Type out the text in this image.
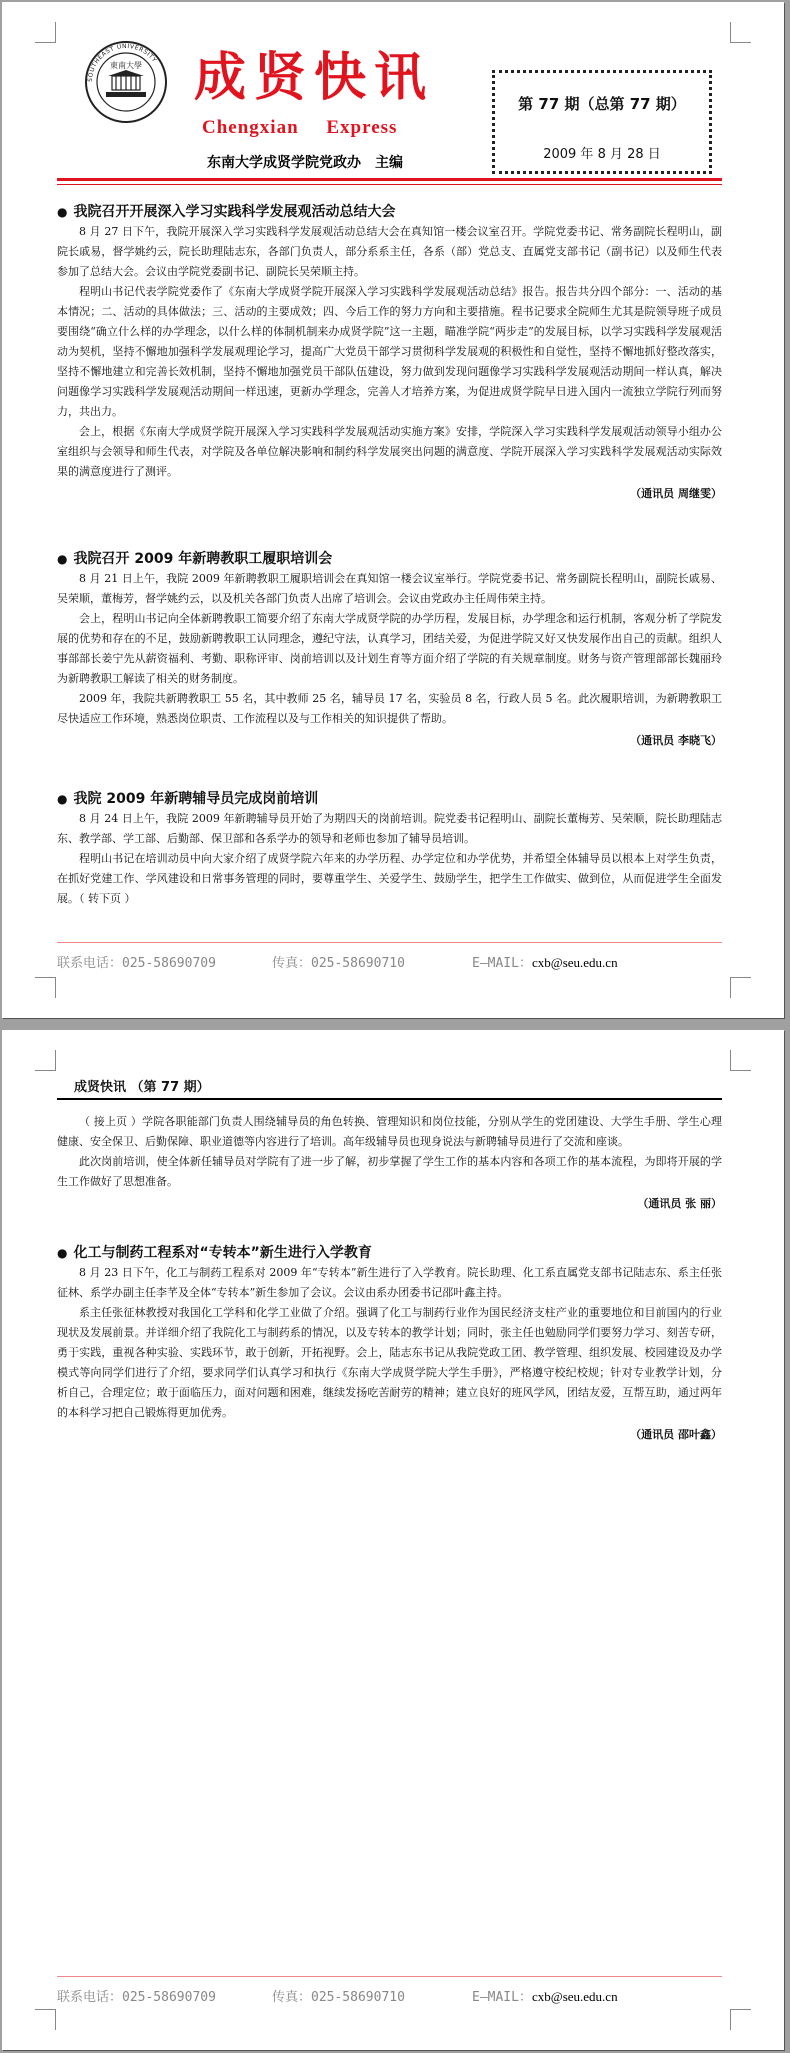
SOUTHEAST UNIVERSITY
東南大學 成贤快讯
Chengxian Express
东南大学成贤学院党政办　主编
第 77 期（总第 77 期）
2009 年 8 月 28 日
● 我院召开开展深入学习实践科学发展观活动总结大会

8 月 27 日下午，我院开展深入学习实践科学发展观活动总结大会在真知馆一楼会议室召开。学院党委书记、常务副院长程明山，副院长戚易，督学姚约云，院长助理陆志东，各部门负责人，部分系系主任，各系（部）党总支、直属党支部书记（副书记）以及师生代表参加了总结大会。会议由学院党委副书记、副院长吴荣顺主持。

程明山书记代表学院党委作了《东南大学成贤学院开展深入学习实践科学发展观活动总结》报告。报告共分四个部分：一、活动的基本情况；二、活动的具体做法；三、活动的主要成效；四、今后工作的努力方向和主要措施。程书记要求全院师生尤其是院领导班子成员要围绕“确立什么样的办学理念，以什么样的体制机制来办成贤学院”这一主题，瞄准学院“两步走”的发展目标，以学习实践科学发展观活动为契机，坚持不懈地加强科学发展观理论学习，提高广大党员干部学习贯彻科学发展观的积极性和自觉性，坚持不懈地抓好整改落实，坚持不懈地建立和完善长效机制，坚持不懈地加强党员干部队伍建设，努力做到发现问题像学习实践科学发展观活动期间一样认真，解决问题像学习实践科学发展观活动期间一样迅速，更新办学理念，完善人才培养方案，为促进成贤学院早日进入国内一流独立学院行列而努力，共出力。

会上，根据《东南大学成贤学院开展深入学习实践科学发展观活动实施方案》安排，学院深入学习实践科学发展观活动领导小组办公室组织与会领导和师生代表，对学院及各单位解决影响和制约科学发展突出问题的满意度、学院开展深入学习实践科学发展观活动实际效果的满意度进行了测评。

（通讯员 周继雯）

● 我院召开 2009 年新聘教职工履职培训会

8 月 21 日上午，我院 2009 年新聘教职工履职培训会在真知馆一楼会议室举行。学院党委书记、常务副院长程明山，副院长戚易、吴荣顺，董梅芳，督学姚约云，以及机关各部门负责人出席了培训会。会议由党政办主任周伟荣主持。

会上，程明山书记向全体新聘教职工简要介绍了东南大学成贤学院的办学历程，发展目标，办学理念和运行机制，客观分析了学院发展的优势和存在的不足，鼓励新聘教职工认同理念，遵纪守法，认真学习，团结关爱，为促进学院又好又快发展作出自己的贡献。组织人事部部长姜宁先从薪资福利、考勤、职称评审、岗前培训以及计划生育等方面介绍了学院的有关规章制度。财务与资产管理部部长魏丽玲为新聘教职工解读了相关的财务制度。

2009 年，我院共新聘教职工 55 名，其中教师 25 名，辅导员 17 名，实验员 8 名，行政人员 5 名。此次履职培训，为新聘教职工尽快适应工作环境，熟悉岗位职责、工作流程以及与工作相关的知识提供了帮助。

（通讯员 李晓飞）

● 我院 2009 年新聘辅导员完成岗前培训

8 月 24 日上午，我院 2009 年新聘辅导员开始了为期四天的岗前培训。院党委书记程明山、副院长董梅芳、吴荣顺，院长助理陆志东、教学部、学工部、后勤部、保卫部和各系学办的领导和老师也参加了辅导员培训。

程明山书记在培训动员中向大家介绍了成贤学院六年来的办学历程、办学定位和办学优势，并希望全体辅导员以根本上对学生负责，在抓好党建工作、学风建设和日常事务管理的同时，要尊重学生、关爱学生、鼓励学生，把学生工作做实、做到位，从而促进学生全面发展。（ 转下页 ）

联系电话：025-58690709	传真：025-58690710	E—MAIL：cxb@seu.edu.cn
成贤快讯 （第 77 期）

（ 接上页 ）学院各职能部门负责人围绕辅导员的角色转换、管理知识和岗位技能，分别从学生的党团建设、大学生手册、学生心理健康、安全保卫、后勤保障、职业道德等内容进行了培训。高年级辅导员也现身说法与新聘辅导员进行了交流和座谈。

此次岗前培训，使全体新任辅导员对学院有了进一步了解，初步掌握了学生工作的基本内容和各项工作的基本流程，为即将开展的学生工作做好了思想准备。

（通讯员 张 丽）

● 化工与制药工程系对“专转本”新生进行入学教育

8 月 23 日下午，化工与制药工程系对 2009 年“专转本”新生进行了入学教育。院长助理、化工系直属党支部书记陆志东、系主任张征林、系学办副主任李芊及全体“专转本”新生参加了会议。会议由系办团委书记邵叶鑫主持。

系主任张征林教授对我国化工学科和化学工业做了介绍。强调了化工与制药行业作为国民经济支柱产业的重要地位和目前国内的行业现状及发展前景。并详细介绍了我院化工与制药系的情况，以及专转本的教学计划；同时，张主任也勉励同学们要努力学习、刻苦专研，勇于实践，重视各种实验、实践环节，敢于创新，开拓视野。会上，陆志东书记从我院党政工团、教学管理、组织发展、校园建设及办学模式等向同学们进行了介绍，要求同学们认真学习和执行《东南大学成贤学院大学生手册》，严格遵守校纪校规；针对专业教学计划，分析自己，合理定位；敢于面临压力，面对问题和困难，继续发扬吃苦耐劳的精神；建立良好的班风学风，团结友爱，互帮互助，通过两年的本科学习把自己锻炼得更加优秀。

（通讯员 邵叶鑫）

联系电话：025-58690709	传真：025-58690710	E—MAIL：cxb@seu.edu.cn
